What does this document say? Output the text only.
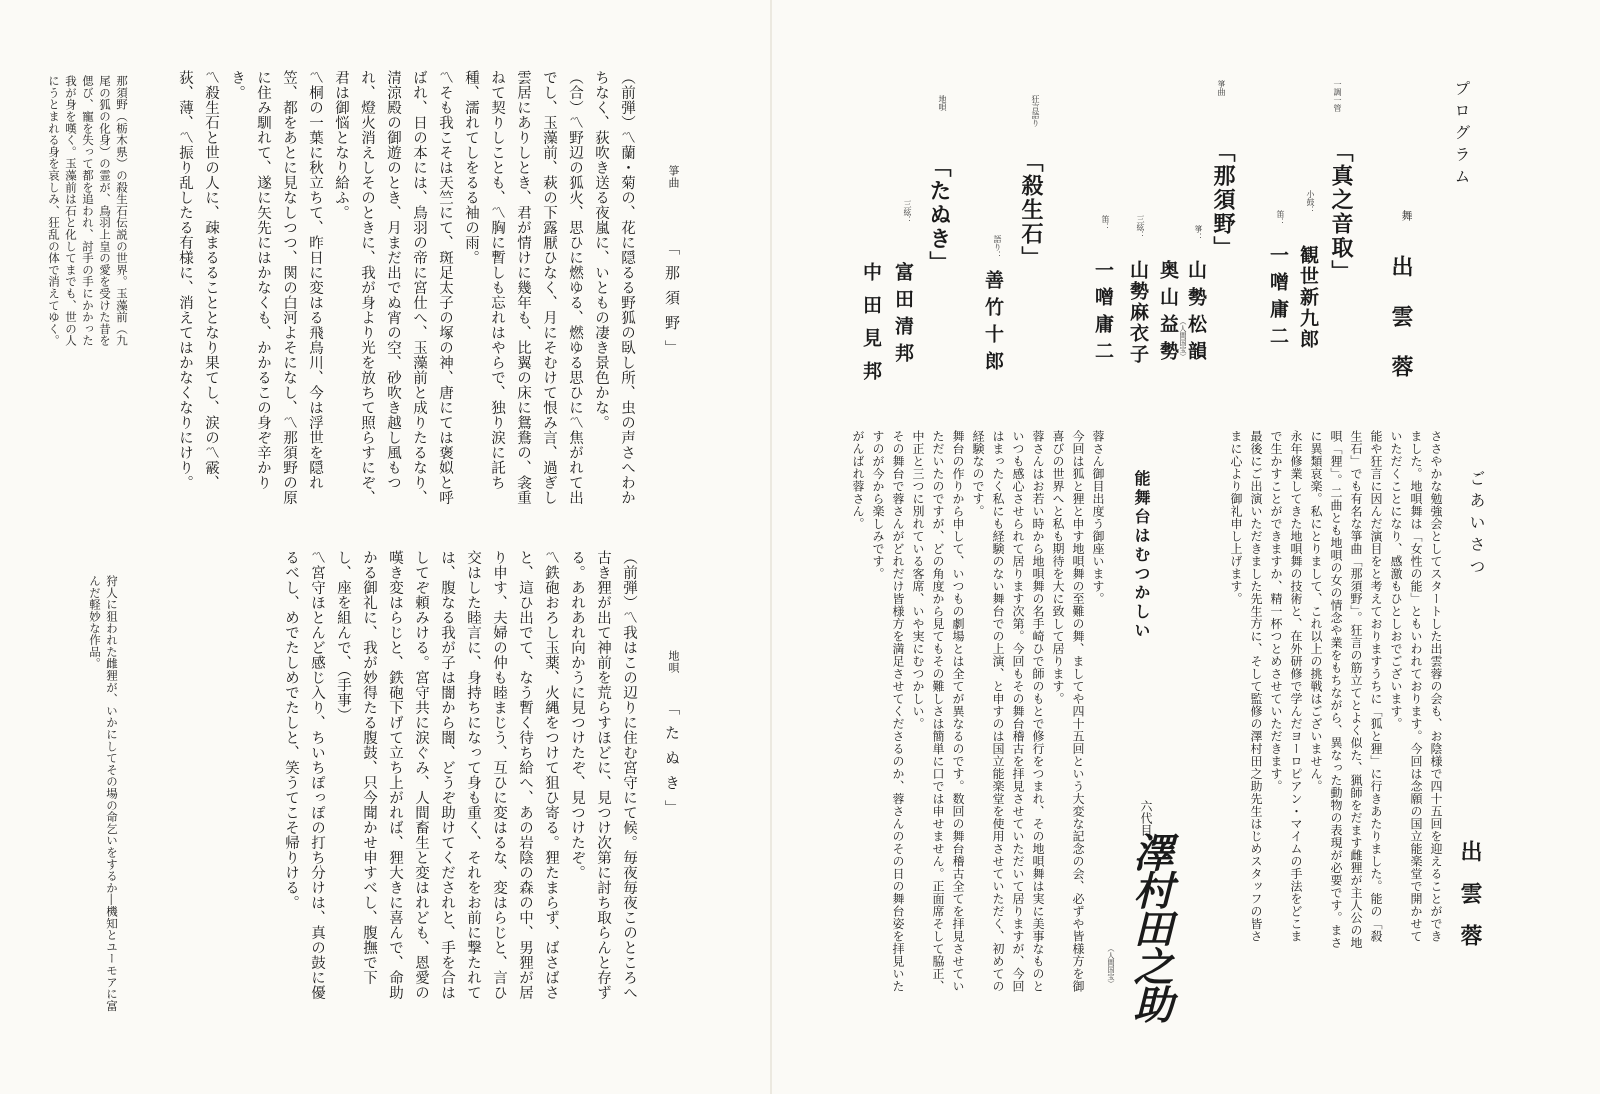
プログラム
舞
出雲蓉
一調一管
「真之音取」
小鼓：
観世新九郎
笛：
一噌庸二
箏曲
「那須野」
箏：
山勢松韻
（人間国宝）
奥山益勢
三絃：
山勢麻衣子
笛：
一噌庸二
狂言語り
「殺生石」
語り：
善竹十郎
地唄
「たぬき」
三絃：
富田清邦
中田見邦
ごあいさつ
出雲蓉
ささやかな勉強会としてスタートした出雲蓉の会も、お陰様で四十五回を迎えることができました。地唄舞は「女性の能」ともいわれております。今回は念願の国立能楽堂で開かせていただくことになり、感激もひとしおでございます。
能や狂言に因んだ演目をと考えておりますうちに「狐と狸」に行きあたりました。能の「殺生石」でも有名な箏曲「那須野」。狂言の筋立てとよく似た、猟師をだます雌狸が主人公の地唄「狸」。二曲とも地唄の女の情念や業をもちながら、異なった動物の表現が必要です。まさに異類哀楽。私にとりまして、これ以上の挑戦はございません。
永年修業してきた地唄舞の技術と、在外研修で学んだヨーロピアン・マイムの手法をどこまで生かすことができますか、精一杯つとめさせていただきます。
最後にご出演いただきました先生方に、そして監修の澤村田之助先生はじめスタッフの皆さまに心より御礼申し上げます。
能舞台はむつかしい
蓉さん御目出度う御座います。
今回は狐と狸と申す地唄舞の至難の舞、ましてや四十五回という大変な記念の会、必ずや皆様方を御喜びの世界へと私も期待を大に致して居ります。
蓉さんはお若い時から地唄舞の名手崎ひで師のもとで修行をつまれ、その地唄舞は実に美事なものといつも感心させられて居ります次第。今回もその舞台稽古を拝見させていただいて居りますが、今回はまったく私にも経験のない舞台での上演、と申すのは国立能楽堂を使用させていただく、初めての経験なのです。
舞台の作りから申して、いつもの劇場とは全てが異なるのです。数回の舞台稽古全てを拝見させていただいたのですが、どの角度から見てもその難しさは簡単に口では申せません。正面席そして脇正、中正と三つに別れている客席、いや実にむつかしい。
その舞台で蓉さんがどれだけ皆様方を満足させてくださるのか、蓉さんのその日の舞台姿を拝見いたすのが今から楽しみです。
がんばれ蓉さん。
六代目
澤村田之助
（人間国宝）
箏曲
「那須野」
（前弾）〽蘭・菊の、花に隠るる野狐の臥し所、虫の声さへわかちなく、荻吹き送る夜嵐に、いともの凄き景色かな。
（合）〽野辺の狐火、思ひに燃ゆる、燃ゆる思ひに〽焦がれて出でし、玉藻前、萩の下露厭ひなく、月にそむけて恨み言、過ぎし雲居にありしとき、君が情けに幾年も、比翼の床に鴛鴦の、衾重ねて契りしことも、〽胸に暫しも忘れはやらで、独り涙に託ち種、濡れてしをるる袖の雨。
〽そも我こそは天竺にて、斑足太子の塚の神、唐にては褒姒と呼ばれ、日の本には、鳥羽の帝に宮仕へ、玉藻前と成りたるなり、清涼殿の御遊のとき、月まだ出でぬ宵の空、砂吹き越し風もつれ、燈火消えしそのときに、我が身より光を放ちて照らすにぞ、君は御悩となり給ふ。
〽桐の一葉に秋立ちて、昨日に変はる飛鳥川、今は浮世を隠れ笠、都をあとに見なしつつ、関の白河よそになし、〽那須野の原に住み馴れて、遂に矢先にはかなくも、かかるこの身ぞ辛かりき。
〽殺生石と世の人に、疎まるることとなり果てし、涙の〽霰、荻、薄、〽振り乱したる有様に、消えてはかなくなりにけり。
那須野（栃木県）の殺生石伝説の世界。玉藻前（九尾の狐の化身）の霊が、鳥羽上皇の愛を受けた昔を偲び、寵を失って都を追われ、討手の手にかかった我が身を嘆く。玉藻前は石と化してまでも、世の人にうとまれる身を哀しみ、狂乱の体で消えてゆく。
地唄
「たぬき」
（前弾）〽我はこの辺りに住む宮守にて候。毎夜毎夜このところへ古き狸が出て神前を荒らすほどに、見つけ次第に討ち取らんと存ずる。あれあれ向かうに見つけたぞ、見つけたぞ。
〽鉄砲おろし玉薬、火縄をつけて狙ひ寄る。狸たまらず、ばさばさと、這ひ出でて、なう暫く待ち給へ、あの岩陰の森の中、男狸が居り申す、夫婦の仲も睦まじう、互ひに変はるな、変はらじと、言ひ交はした睦言に、身持ちになって身も重く、それをお前に撃たれては、腹なる我が子は闇から闇、どうぞ助けてくだされと、手を合はしてぞ頼みける。宮守共に涙ぐみ、人間畜生と変はれども、恩愛の嘆き変はらじと、鉄砲下げて立ち上がれば、狸大きに喜んで、命助かる御礼に、我が妙得たる腹鼓、只今聞かせ申すべし、腹撫で下し、座を組んで、（手事）
〽宮守ほとんど感じ入り、ちいちぽっぽの打ち分けは、真の鼓に優るべし、めでたしめでたしと、笑うてこそ帰りける。
狩人に狙われた雌狸が、いかにしてその場の命乞いをするか―機知とユーモアに富んだ軽妙な作品。
